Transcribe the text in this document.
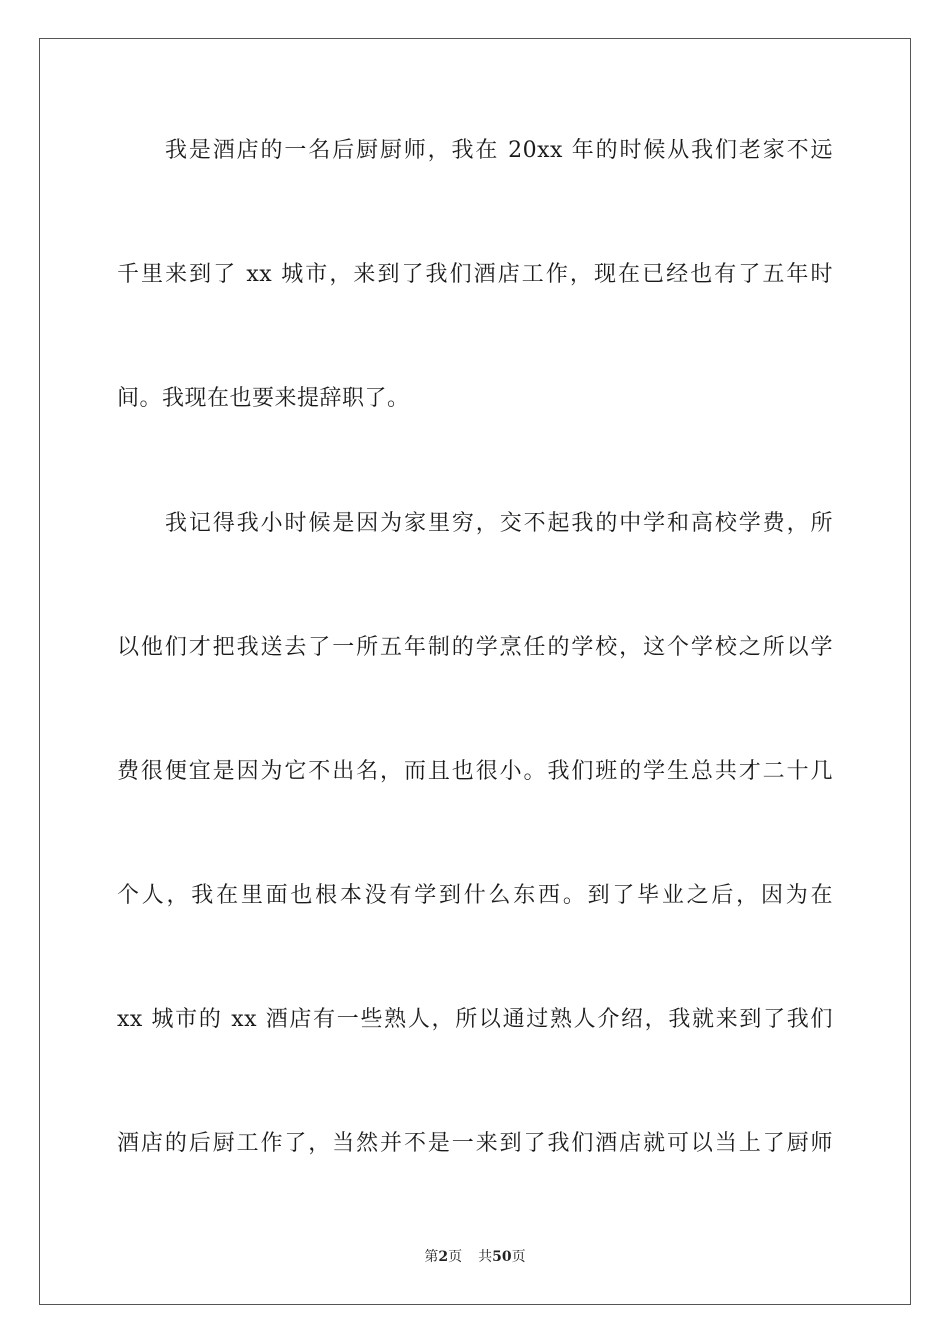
我是酒店的一名后厨厨师，我在 20xx 年的时候从我们老家不远
千里来到了 xx 城市，来到了我们酒店工作，现在已经也有了五年时
间。我现在也要来提辞职了。
我记得我小时候是因为家里穷，交不起我的中学和高校学费，所
以他们才把我送去了一所五年制的学烹任的学校，这个学校之所以学
费很便宜是因为它不出名，而且也很小。我们班的学生总共才二十几
个人，我在里面也根本没有学到什么东西。到了毕业之后，因为在
xx 城市的 xx 酒店有一些熟人，所以通过熟人介绍，我就来到了我们
酒店的后厨工作了，当然并不是一来到了我们酒店就可以当上了厨师
第2页 共50页
